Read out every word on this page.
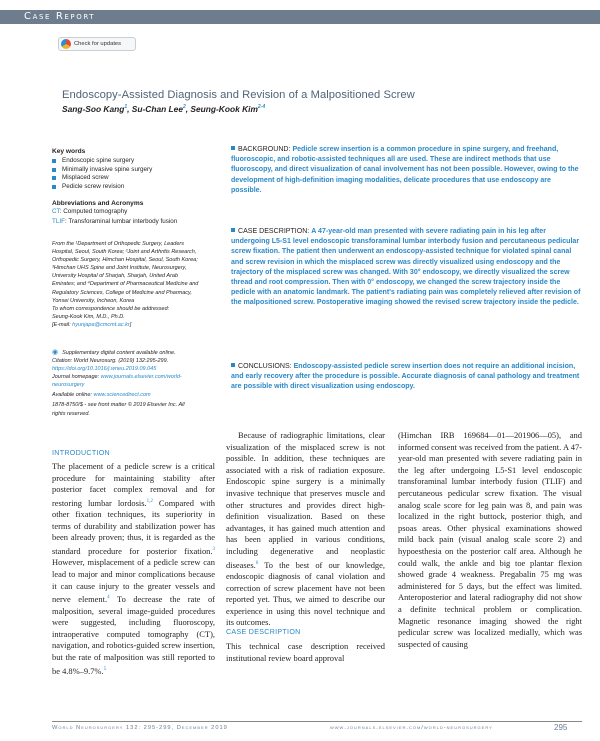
Case Report
Check for updates
Endoscopy-Assisted Diagnosis and Revision of a Malpositioned Screw
Sang-Soo Kang$^1$, Su-Chan Lee$^2$, Seung-Kook Kim$^{2-4}$
Key words
Endoscopic spine surgery
Minimally invasive spine surgery
Misplaced screw
Pedicle screw revision
Abbreviations and Acronyms
CT: Computed tomography
TLIF: Transforaminal lumbar interbody fusion
From the ¹Department of Orthopedic Surgery, Leaders
Hospital, Seoul, South Korea; ²Joint and Arthritis Research,
Orthopedic Surgery, Himchan Hospital, Seoul, South Korea;
³Himchan UHS Spine and Joint Institute, Neurosurgery,
University Hospital of Sharjah, Sharjah, United Arab
Emirates; and ⁴Department of Pharmaceutical Medicine and
Regulatory Sciences, College of Medicine and Pharmacy,
Yonsei University, Incheon, Korea
To whom correspondence should be addressed:
Seung-Kook Kim, M.D., Ph.D.
[E-mail: hyunjapa@cmcmt.ac.kr]
◉ Supplementary digital content available online.
Citation: World Neurosurg. (2019) 132:295-299.
https://doi.org/10.1016/j.wneu.2019.09.045
Journal homepage: www.journals.elsevier.com/world-
neurosurgery
Available online: www.sciencedirect.com
1878-8750/$ - see front matter © 2019 Elsevier Inc. All
rights reserved.
BACKGROUND: Pedicle screw insertion is a common procedure in spine surgery, and freehand, fluoroscopic, and robotic-assisted techniques all are used. These are indirect methods that use fluoroscopy, and direct visualization of canal involvement has not been possible. However, owing to the development of high-definition imaging modalities, delicate procedures that use endoscopy are possible.
CASE DESCRIPTION: A 47-year-old man presented with severe radiating pain in his leg after undergoing L5-S1 level endoscopic transforaminal lumbar interbody fusion and percutaneous pedicular screw fixation. The patient then underwent an endoscopy-assisted technique for violated spinal canal and screw revision in which the misplaced screw was directly visualized using endoscopy and the trajectory of the misplaced screw was changed. With 30° endoscopy, we directly visualized the screw thread and root compression. Then with 0° endoscopy, we changed the screw trajectory inside the pedicle with an anatomic landmark. The patient's radiating pain was completely relieved after revision of the malpositioned screw. Postoperative imaging showed the revised screw trajectory inside the pedicle.
CONCLUSIONS: Endoscopy-assisted pedicle screw insertion does not require an additional incision, and early recovery after the procedure is possible. Accurate diagnosis of canal pathology and treatment are possible with direct visualization using endoscopy.
INTRODUCTION
The placement of a pedicle screw is a critical procedure for maintaining stability after posterior facet complex removal and for restoring lumbar lordosis.$^{1,2}$ Compared with other fixation techniques, its superiority in terms of durability and stabilization power has been already proven; thus, it is regarded as the standard procedure for posterior fixation.$^3$ However, misplacement of a pedicle screw can lead to major and minor complications because it can cause injury to the greater vessels and nerve element.$^4$ To decrease the rate of malposition, several image-guided procedures were suggested, including fluoroscopy, intraoperative computed tomography (CT), navigation, and robotics-guided screw insertion, but the rate of malposition was still reported to be 4.8%–9.7%.$^5$
Because of radiographic limitations, clear visualization of the misplaced screw is not possible. In addition, these techniques are associated with a risk of radiation exposure. Endoscopic spine surgery is a minimally invasive technique that preserves muscle and other structures and provides direct high-definition visualization. Based on these advantages, it has gained much attention and has been applied in various conditions, including degenerative and neoplastic diseases.$^6$ To the best of our knowledge, endoscopic diagnosis of canal violation and correction of screw placement have not been reported yet. Thus, we aimed to describe our experience in using this novel technique and its outcomes.
CASE DESCRIPTION
This technical case description received institutional review board approval
(Himchan IRB 169684—01—201906—05), and informed consent was received from the patient. A 47-year-old man presented with severe radiating pain in the leg after undergoing L5-S1 level endoscopic transforaminal lumbar interbody fusion (TLIF) and percutaneous pedicular screw fixation. The visual analog scale score for leg pain was 8, and pain was localized in the right buttock, posterior thigh, and psoas areas. Other physical examinations showed mild back pain (visual analog scale score 2) and hypoesthesia on the posterior calf area. Although he could walk, the ankle and big toe plantar flexion showed grade 4 weakness. Pregabalin 75 mg was administered for 5 days, but the effect was limited. Anteroposterior and lateral radiography did not show a definite technical problem or complication. Magnetic resonance imaging showed the right pedicular screw was localized medially, which was suspected of causing
World Neurosurgery 132: 295-299, December 2019	www.journals.elsevier.com/world-neurosurgery	295
